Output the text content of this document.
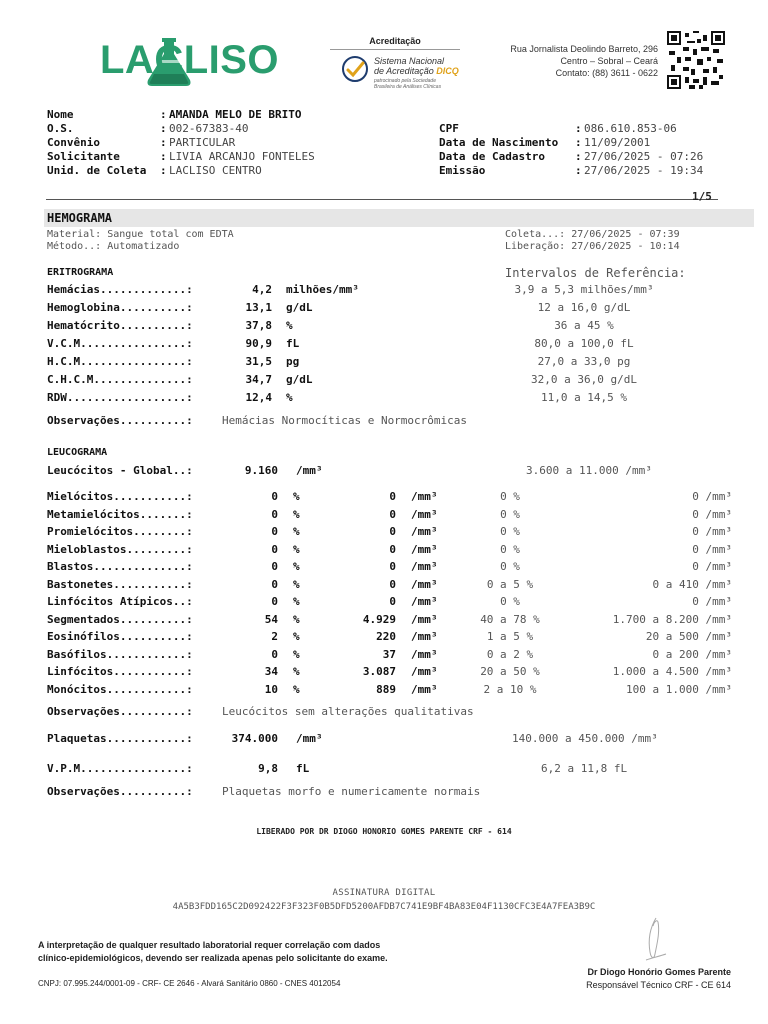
LACLISO	Acreditação
Sistema Nacional
de Acreditação DICQ
patrocinado pela Sociedade
Brasileira de Análises Clínicas
Rua Jornalista Deolindo Barreto, 296
Centro – Sobral – Ceará
Contato: (88) 3611 - 0622
Nome	: AMANDA MELO DE BRITO
O.S.	: 002-67383-40
Convênio	: PARTICULAR
Solicitante	: LIVIA ARCANJO FONTELES
Unid. de Coleta : LACLISO CENTRO
CPF	: 086.610.853-06
Data de Nascimento : 11/09/2001
Data de Cadastro	: 27/06/2025 - 07:26
Emissão	: 27/06/2025 - 19:34
1/5
HEMOGRAMA
Material: Sangue total com EDTA
Método..: Automatizado
Coleta...: 27/06/2025 - 07:39
Liberação: 27/06/2025 - 10:14
ERITROGRAMA	Intervalos de Referência:
Hemácias.............:	4,2 milhões/mm³	3,9 a 5,3 milhões/mm³
Hemoglobina..........:	13,1 g/dL	12 a 16,0 g/dL
Hematócrito..........:	37,8 %	36 a 45 %
V.C.M................:	90,9 fL	80,0 a 100,0 fL
H.C.M................:	31,5 pg	27,0 a 33,0 pg
C.H.C.M..............:	34,7 g/dL	32,0 a 36,0 g/dL
RDW..................:	12,4 %	11,0 a 14,5 %
Observações..........:	Hemácias Normocíticas e Normocrômicas
LEUCOGRAMA
Leucócitos - Global..:	9.160 /mm³	3.600 a 11.000 /mm³
Mielócitos...........:	0 %	0 /mm³	0 %	0 /mm³
Metamielócitos.......:	0 %	0 /mm³	0 %	0 /mm³
Promielócitos........:	0 %	0 /mm³	0 %	0 /mm³
Mieloblastos.........:	0 %	0 /mm³	0 %	0 /mm³
Blastos..............:	0 %	0 /mm³	0 %	0 /mm³
Bastonetes...........:	0 %	0 /mm³	0 a 5 %	0 a 410 /mm³
Linfócitos Atípicos..:	0 %	0 /mm³	0 %	0 /mm³
Segmentados..........:	54 %	4.929 /mm³	40 a 78 %	1.700 a 8.200 /mm³
Eosinófilos..........:	2 %	220 /mm³	1 a 5 %	20 a 500 /mm³
Basófilos............:	0 %	37 /mm³	0 a 2 %	0 a 200 /mm³
Linfócitos...........:	34 %	3.087 /mm³	20 a 50 %	1.000 a 4.500 /mm³
Monócitos............:	10 %	889 /mm³	2 a 10 %	100 a 1.000 /mm³
Observações..........:	Leucócitos sem alterações qualitativas
Plaquetas............:	374.000 /mm³	140.000 a 450.000 /mm³
V.P.M................:	9,8 fL	6,2 a 11,8 fL
Observações..........:	Plaquetas morfo e numericamente normais
LIBERADO POR DR DIOGO HONORIO GOMES PARENTE CRF - 614
ASSINATURA DIGITAL
4A5B3FDD165C2D092422F3F323F0B5DFD5200AFDB7C741E9BF4BA83E04F1130CFC3E4A7FEA3B9C
A interpretação de qualquer resultado laboratorial requer correlação com dados
clínico-epidemiológicos, devendo ser realizada apenas pelo solicitante do exame.
CNPJ: 07.995.244/0001-09 - CRF- CE 2646 - Alvará Sanitário 0860 - CNES 4012054
Dr Diogo Honório Gomes Parente
Responsável Técnico CRF - CE 614
